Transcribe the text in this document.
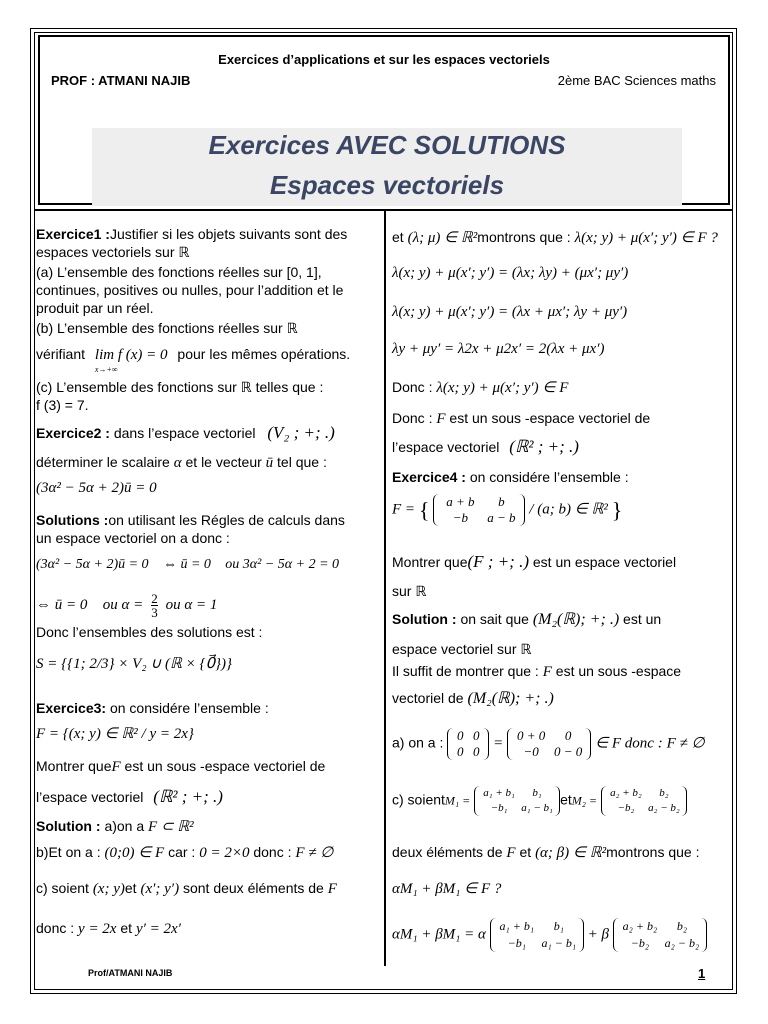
Exercices d’applications et sur les espaces vectoriels
PROF : ATMANI NAJIB	2ème BAC Sciences maths
Exercices AVEC SOLUTIONS
Espaces vectoriels
Exercice1 :Justifier si les objets suivants sont des
espaces vectoriels sur ℝ
(a) L’ensemble des fonctions réelles sur [0, 1],
continues, positives ou nulles, pour l’addition et le
produit par un réel.
(b) L’ensemble des fonctions réelles sur ℝ
vérifiant lim f (x) = 0
x→+∞
pour les mêmes opérations.
(c) L’ensemble des fonctions sur ℝ telles que :
f (3) = 7.
Exercice2 : dans l’espace vectoriel (V₂ ; +; .)
déterminer le scalaire α et le vecteur ū tel que :
(3α² − 5α + 2)ū = 0⃗
Solutions :on utilisant les Régles de calculs dans
un espace vectoriel on a donc :
(3α² − 5α + 2)ū = 0⃗ ⇔ ū = 0⃗ ou 3α² − 5α + 2 = 0
⇔ ū = 0⃗ ou $\alpha = \frac{2}{3}$ ou α = 1
Donc l’ensembles des solutions est :
S = {{1; 2/3} × V₂ ∪ (ℝ × {0⃗})}
Exercice3: on considére l’ensemble :
F = {(x; y) ∈ ℝ² / y = 2x}
Montrer queF est un sous -espace vectoriel de
l’espace vectoriel (ℝ² ; +; .)
Solution : a)on a F ⊂ ℝ²
b)Et on a : (0;0) ∈ F car : 0 = 2×0 donc : F ≠ ∅
c) soient (x; y)et (x′; y′) sont deux éléments de F
donc : y = 2x et y′ = 2x′
et (λ; μ) ∈ ℝ²montrons que : λ(x; y) + μ(x′; y′) ∈ F ?
λ(x; y) + μ(x′; y′) = (λx; λy) + (μx′; μy′)
λ(x; y) + μ(x′; y′) = (λx + μx′; λy + μy′)
λy + μy′ = λ2x + μ2x′ = 2(λx + μx′)
Donc : λ(x; y) + μ(x′; y′) ∈ F
Donc : F est un sous -espace vectoriel de
l’espace vectoriel (ℝ² ; +; .)
Exercice4 : on considére l’ensemble :
F = { a + b b
−b a − b / (a; b) ∈ ℝ² }
Montrer que(F ; +; .) est un espace vectoriel
sur ℝ
Solution : on sait que (M₂(ℝ); +; .) est un
espace vectoriel sur ℝ
Il suffit de montrer que : F est un sous -espace
vectoriel de (M₂(ℝ); +; .)
a) on a : 0 0
0 0 = 0 + 0 0
−0 0 − 0 ∈ F donc : F ≠ ∅
c) soientM₁ = a₁ + b₁ b₁
−b₁ a₁ − b₁etM₂ = a₂ + b₂ b₂
−b₂ a₂ − b₂
deux éléments de F et (α; β) ∈ ℝ²montrons que :
αM₁ + βM₁ ∈ F ?
αM₁ + βM₁ = α a₁ + b₁ b₁
−b₁ a₁ − b₁ + β a₂ + b₂ b₂
−b₂ a₂ − b₂
Prof/ATMANI NAJIB	1
